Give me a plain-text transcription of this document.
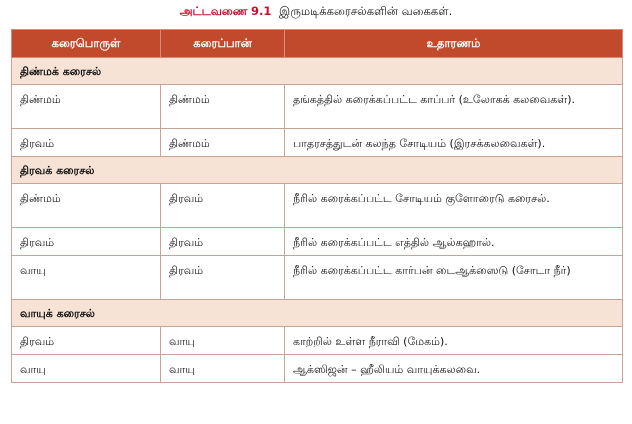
அட்டவணை 9.1 இருமடிக்கரைசல்களின் வகைகள்.
கரைபொருள்	கரைப்பான்	உதாரணம்
திண்மக் கரைசல்		
திண்மம்	திண்மம்	தங்கத்தில் கரைக்கப்பட்ட காப்பர் (உலோகக் கலவைகள்).
திரவம்	திண்மம்	பாதரசத்துடன் கலந்த சோடியம் (இரசக்கலவைகள்).
திரவக் கரைசல்		
திண்மம்	திரவம்	நீரில் கரைக்கப்பட்ட சோடியம் குளோரைடு கரைசல்.
திரவம்	திரவம்	நீரில் கரைக்கப்பட்ட எத்தில் ஆல்கஹால்.
வாயு	திரவம்	நீரில் கரைக்கப்பட்ட கார்பன் டைஆக்ஸைடு (சோடா நீர்)
வாயுக் கரைசல்		
திரவம்	வாயு	காற்றில் உள்ள நீராவி (மேகம்).
வாயு	வாயு	ஆக்ஸிஜன் – ஹீலியம் வாயுக்கலவை.
